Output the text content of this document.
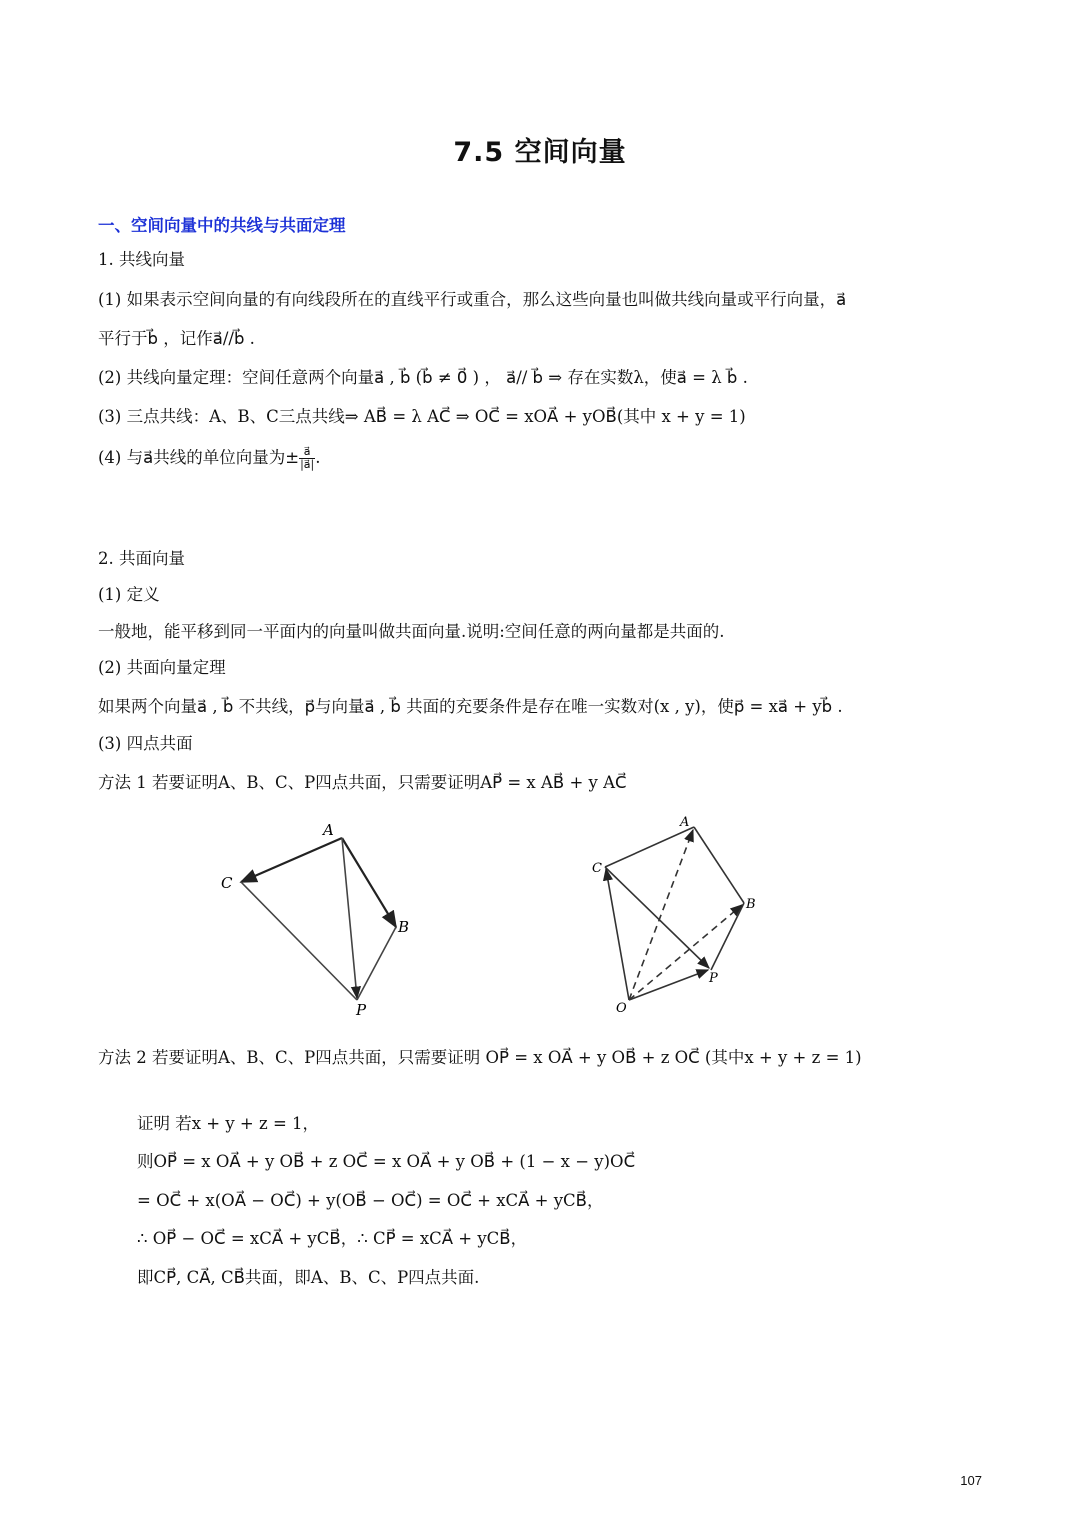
7.5 空间向量
一、空间向量中的共线与共面定理
1. 共线向量
(1) 如果表示空间向量的有向线段所在的直线平行或重合，那么这些向量也叫做共线向量或平行向量，a⃗
平行于b⃗ ，记作a⃗//b⃗ .
(2) 共线向量定理：空间任意两个向量a⃗ , b⃗ (b⃗ ≠ 0⃗ ) ， a⃗// b⃗ ⇒ 存在实数λ，使a⃗ = λ b⃗ .
(3) 三点共线：A、B、C三点共线⇒ AB⃗ = λ AC⃗ ⇒ OC⃗ = xOA⃗ + yOB⃗(其中 x + y = 1)
(4) 与a⃗共线的单位向量为± $\frac{a⃗}{|a⃗|}$ .
2. 共面向量
(1) 定义
一般地，能平移到同一平面内的向量叫做共面向量.说明:空间任意的两向量都是共面的.
(2) 共面向量定理
如果两个向量a⃗ , b⃗ 不共线，p⃗与向量a⃗ , b⃗ 共面的充要条件是存在唯一实数对(x , y)，使p⃗ = xa⃗ + yb⃗ .
(3) 四点共面
方法 1 若要证明A、B、C、P四点共面，只需要证明AP⃗ = x AB⃗ + y AC⃗
A
C
B
P
A
C
B
P
O
方法 2 若要证明A、B、C、P四点共面，只需要证明 OP⃗ = x OA⃗ + y OB⃗ + z OC⃗ (其中x + y + z = 1)
证明 若x + y + z = 1，
则OP⃗ = x OA⃗ + y OB⃗ + z OC⃗ = x OA⃗ + y OB⃗ + (1 − x − y)OC⃗
= OC⃗ + x(OA⃗ − OC⃗) + y(OB⃗ − OC⃗) = OC⃗ + xCA⃗ + yCB⃗，
∴ OP⃗ − OC⃗ = xCA⃗ + yCB⃗，∴ CP⃗ = xCA⃗ + yCB⃗，
即CP⃗, CA⃗, CB⃗共面，即A、B、C、P四点共面.
107
